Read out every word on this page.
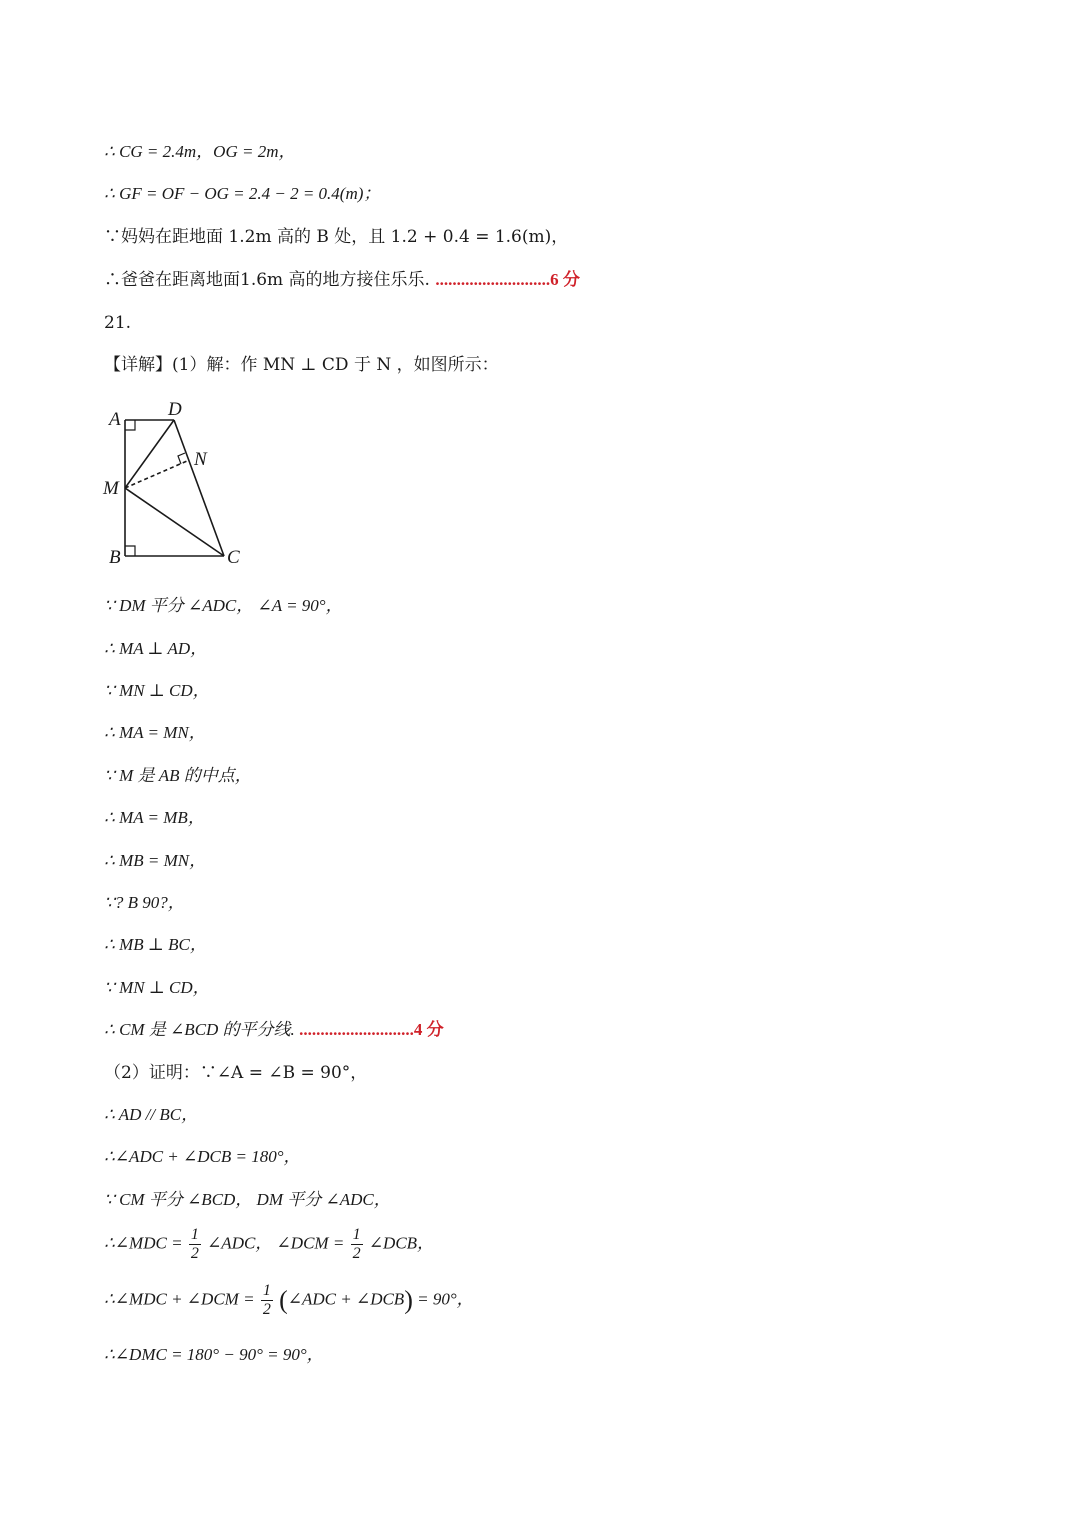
∴ CG = 2.4m，OG = 2m，
∴ GF = OF − OG = 2.4 − 2 = 0.4(m)；
∵妈妈在距地面 1.2m 高的 B 处，且 1.2 + 0.4 = 1.6(m)，
∴爸爸在距离地面1.6m 高的地方接住乐乐. ...........................6 分
21.
【详解】(1）解：作 MN ⊥ CD 于 N ，如图所示：
A D
N
M
B	C
∵ DM 平分 ∠ADC， ∠A = 90°，
∴ MA ⊥ AD，
∵ MN ⊥ CD，
∴ MA = MN，
∵ M 是 AB 的中点，
∴ MA = MB，
∴ MB = MN，
∵? B 90?，
∴ MB ⊥ BC，
∵ MN ⊥ CD，
∴ CM 是 ∠BCD 的平分线. ...........................4 分
（2）证明：∵∠A = ∠B = 90°，
∴ AD // BC，
∴∠ADC + ∠DCB = 180°，
∵ CM 平分 ∠BCD， DM 平分 ∠ADC，
∴∠MDC = $\frac{1}{2}$ ∠ADC， ∠DCM = $\frac{1}{2}$ ∠DCB，
∴∠MDC + ∠DCM = $\frac{1}{2}$ (∠ADC + ∠DCB) = 90°，
∴∠DMC = 180° − 90° = 90°，
